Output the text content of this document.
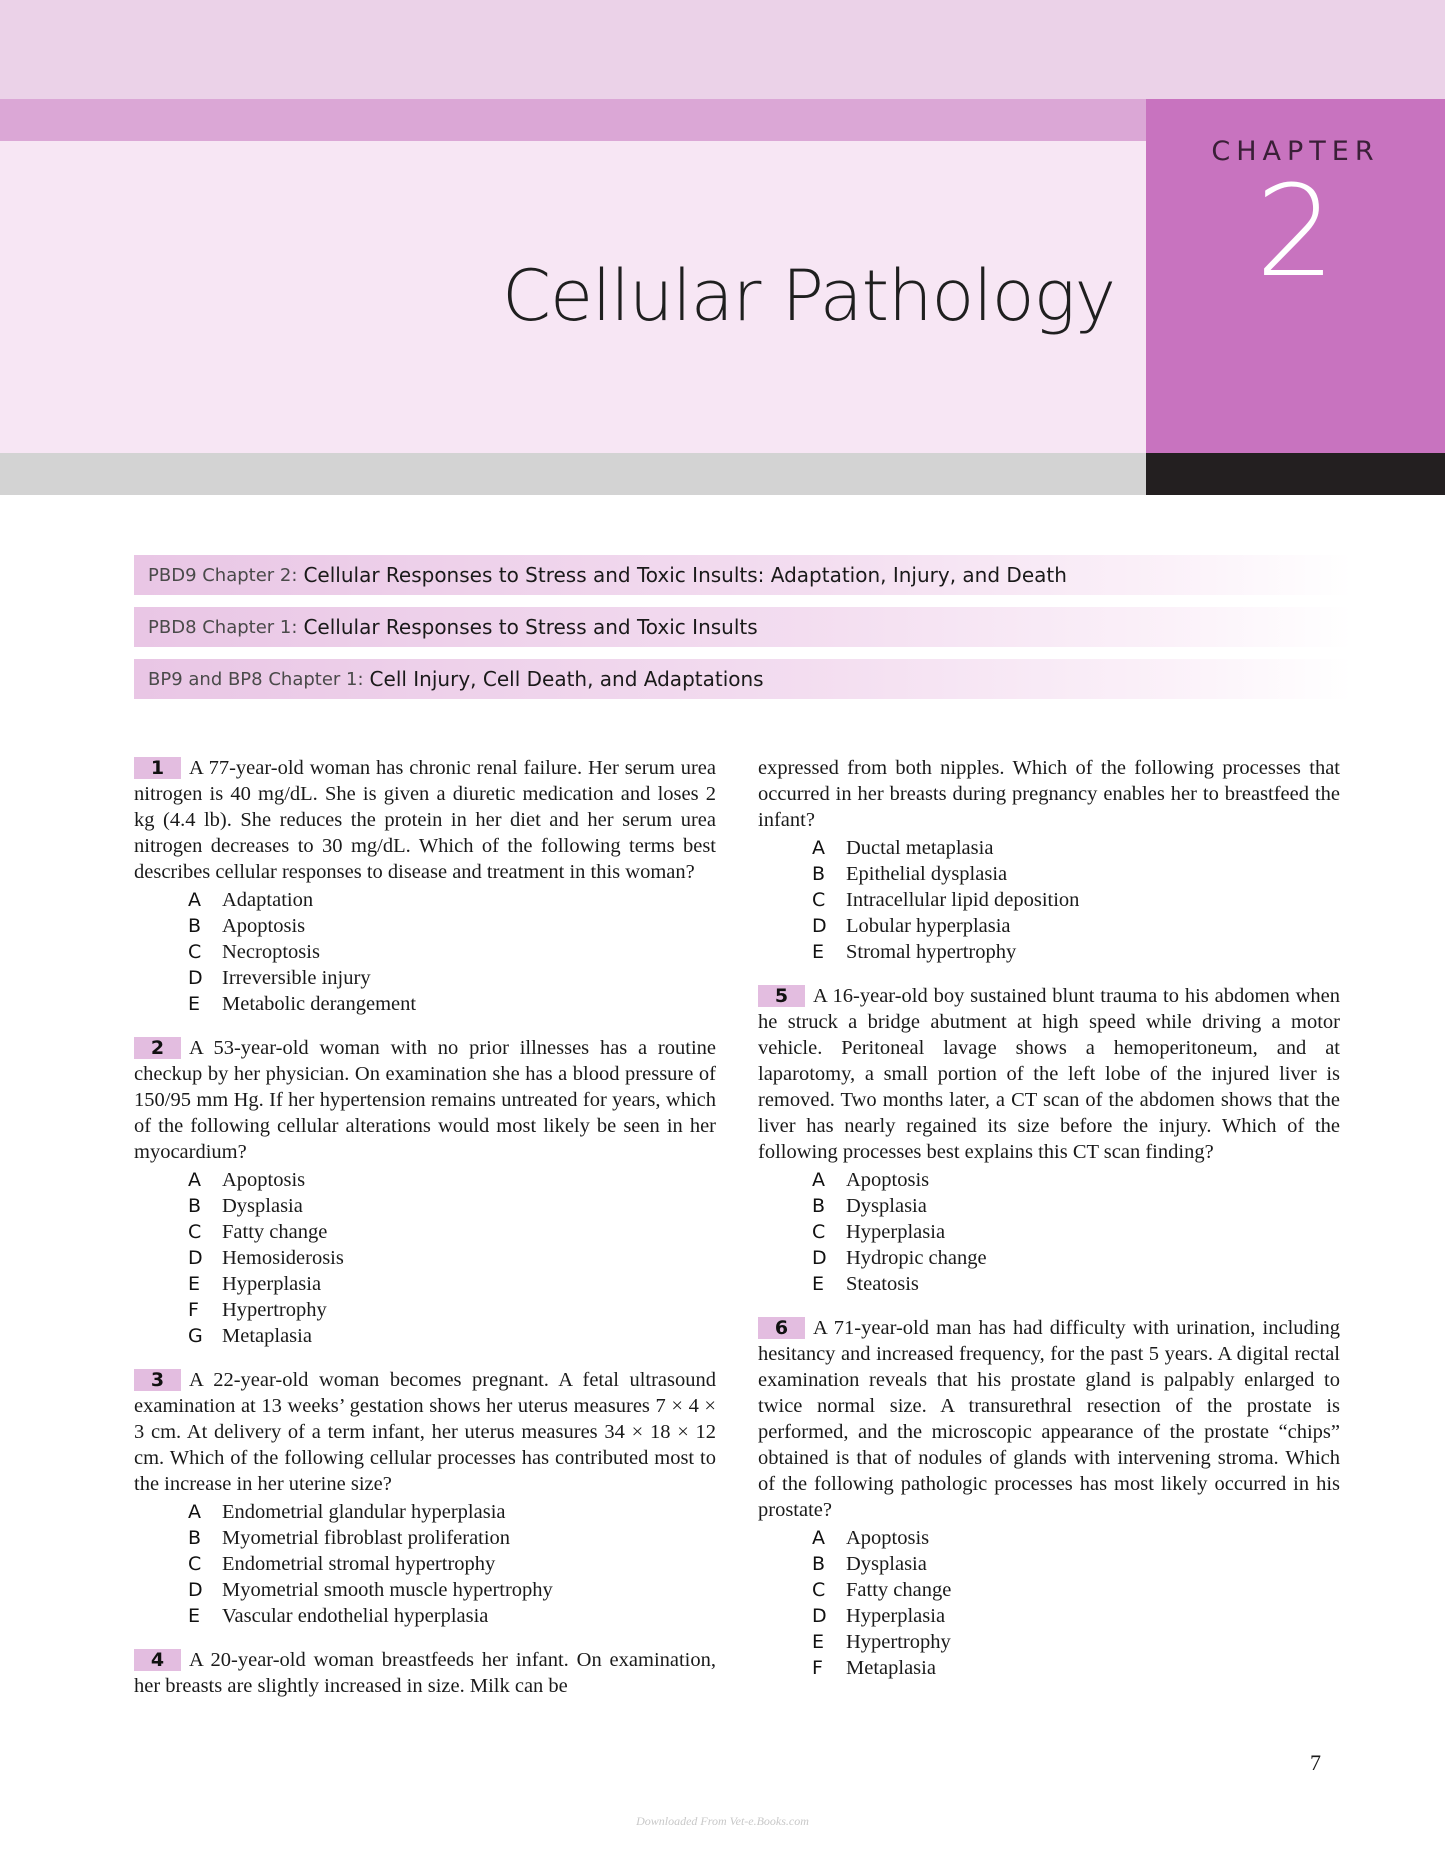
CHAPTER
2
Cellular Pathology
PBD9 Chapter 2: Cellular Responses to Stress and Toxic Insults: Adaptation, Injury, and Death
PBD8 Chapter 1: Cellular Responses to Stress and Toxic Insults
BP9 and BP8 Chapter 1: Cell Injury, Cell Death, and Adaptations

1 A 77-year-old woman has chronic renal failure. Her serum urea nitrogen is 40 mg/dL. She is given a diuretic medication and loses 2 kg (4.4 lb). She reduces the protein in her diet and her serum urea nitrogen decreases to 30 mg/dL. Which of the following terms best describes cellular responses to disease and treatment in this woman?

A	Adaptation
B	Apoptosis
C	Necroptosis
D Irreversible injury
E	Metabolic derangement

2 A 53-year-old woman with no prior illnesses has a routine checkup by her physician. On examination she has a blood pressure of 150/95 mm Hg. If her hypertension remains untreated for years, which of the following cellular alterations would most likely be seen in her myocardium?

A	Apoptosis
B	Dysplasia
C	Fatty change
D Hemosiderosis
E	Hyperplasia
F	Hypertrophy
G Metaplasia

3 A 22-year-old woman becomes pregnant. A fetal ultrasound examination at 13 weeks’ gestation shows her uterus measures 7 × 4 × 3 cm. At delivery of a term infant, her uterus measures 34 × 18 × 12 cm. Which of the following cellular processes has contributed most to the increase in her uterine size?

A	Endometrial glandular hyperplasia
B	Myometrial fibroblast proliferation
C	Endometrial stromal hypertrophy
D Myometrial smooth muscle hypertrophy
E	Vascular endothelial hyperplasia

4 A 20-year-old woman breastfeeds her infant. On examination, her breasts are slightly increased in size. Milk can be

expressed from both nipples. Which of the following processes that occurred in her breasts during pregnancy enables her to breastfeed the infant?

A	Ductal metaplasia
B	Epithelial dysplasia
C	Intracellular lipid deposition
D Lobular hyperplasia
E	Stromal hypertrophy

5 A 16-year-old boy sustained blunt trauma to his abdomen when he struck a bridge abutment at high speed while driving a motor vehicle. Peritoneal lavage shows a hemoperitoneum, and at laparotomy, a small portion of the left lobe of the injured liver is removed. Two months later, a CT scan of the abdomen shows that the liver has nearly regained its size before the injury. Which of the following processes best explains this CT scan finding?

A	Apoptosis
B	Dysplasia
C	Hyperplasia
D Hydropic change
E	Steatosis

6 A 71-year-old man has had difficulty with urination, including hesitancy and increased frequency, for the past 5 years. A digital rectal examination reveals that his prostate gland is palpably enlarged to twice normal size. A transurethral resection of the prostate is performed, and the microscopic appearance of the prostate “chips” obtained is that of nodules of glands with intervening stroma. Which of the following pathologic processes has most likely occurred in his prostate?

A	Apoptosis
B	Dysplasia
C	Fatty change
D Hyperplasia
E	Hypertrophy
F	Metaplasia
7
Downloaded From Vet-e.Books.com
